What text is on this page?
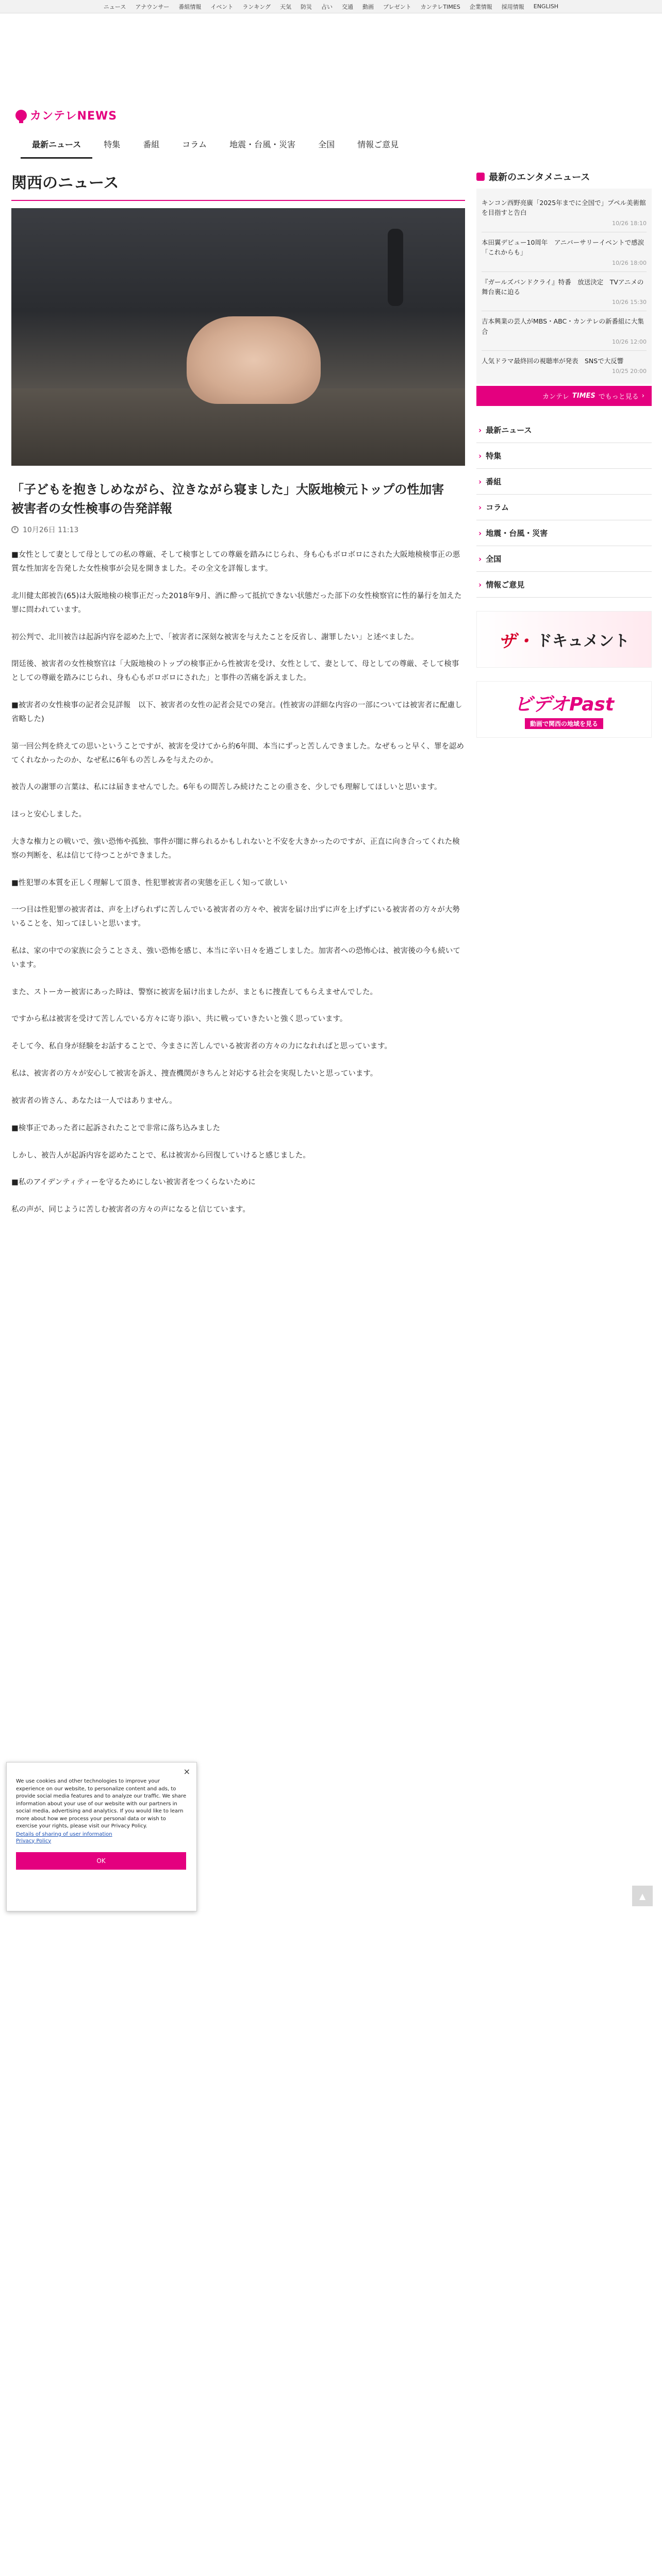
ニュース アナウンサー 番組情報 イベント ランキング 天気 防災 占い 交通 動画 プレゼント カンテレTIMES 企業情報 採用情報 ENGLISH
カンテレNEWS
最新ニュース	特集	番組	コラム	地震・台風・災害	全国	情報ご意見
関西のニュース
「子どもを抱きしめながら、泣きながら寝ました」大阪地検元トップの性加害　被害者の女性検事の告発詳報
10月26日 11:13

■女性として妻として母としての私の尊厳、そして検事としての尊厳を踏みにじられ、身も心もボロボロにされた大阪地検検事正の悪質な性加害を告発した女性検事が会見を開きました。その全文を詳報します。

北川健太郎被告(65)は大阪地検の検事正だった2018年9月、酒に酔って抵抗できない状態だった部下の女性検察官に性的暴行を加えた罪に問われています。

初公判で、北川被告は起訴内容を認めた上で、「被害者に深刻な被害を与えたことを反省し、謝罪したい」と述べました。

閉廷後、被害者の女性検察官は「大阪地検のトップの検事正から性被害を受け、女性として、妻として、母としての尊厳、そして検事としての尊厳を踏みにじられ、身も心もボロボロにされた」と事件の苦痛を訴えました。

■被害者の女性検事の記者会見詳報　以下、被害者の女性の記者会見での発言。(性被害の詳細な内容の一部については被害者に配慮し省略した)

第一回公判を終えての思いということですが、被害を受けてから約6年間、本当にずっと苦しんできました。なぜもっと早く、罪を認めてくれなかったのか、なぜ私に6年もの苦しみを与えたのか。

被告人の謝罪の言葉は、私には届きませんでした。6年もの間苦しみ続けたことの重さを、少しでも理解してほしいと思います。

ほっと安心しました。

大きな権力との戦いで、強い恐怖や孤独、事件が闇に葬られるかもしれないと不安を大きかったのですが、正直に向き合ってくれた検察の判断を、私は信じて待つことができました。

■性犯罪の本質を正しく理解して頂き、性犯罪被害者の実態を正しく知って欲しい

一つ目は性犯罪の被害者は、声を上げられずに苦しんでいる被害者の方々や、被害を届け出ずに声を上げずにいる被害者の方々が大勢いることを、知ってほしいと思います。

私は、家の中での家族に会うことさえ、強い恐怖を感じ、本当に辛い日々を過ごしました。加害者への恐怖心は、被害後の今も続いています。

また、ストーカー被害にあった時は、警察に被害を届け出ましたが、まともに捜査してもらえませんでした。

ですから私は被害を受けて苦しんでいる方々に寄り添い、共に戦っていきたいと強く思っています。

そして今、私自身が経験をお話することで、今まさに苦しんでいる被害者の方々の力になれればと思っています。

私は、被害者の方々が安心して被害を訴え、捜査機関がきちんと対応する社会を実現したいと思っています。

被害者の皆さん、あなたは一人ではありません。

■検事正であった者に起訴されたことで非常に落ち込みました

しかし、被告人が起訴内容を認めたことで、私は被害から回復していけると感じました。

■私のアイデンティティーを守るためにしない被害者をつくらないために

私の声が、同じように苦しむ被害者の方々の声になると信じています。

最新のエンタメニュース
キンコン西野亮廣「2025年までに全国で」プペル美術館を目指すと告白
10/26 18:10
本田翼デビュー10周年　アニバーサリーイベントで感涙「これからも」
10/26 18:00
『ガールズバンドクライ』特番　放送決定　TVアニメの舞台裏に迫る
10/26 15:30
吉本興業の芸人がMBS・ABC・カンテレの新番組に大集合
10/26 12:00
人気ドラマ最終回の視聴率が発表　SNSで大反響
10/25 20:00
カンテレ TIMES でもっと見る ›
› 最新ニュース
› 特集
› 番組
› コラム
› 地震・台風・災害
› 全国
› 情報ご意見
ザ・ ドキュメント
ビデオPast
動画で関西の地域を見る
×
We use cookies and other technologies to improve your experience on our website, to personalize content and ads, to provide social media features and to analyze our traffic. We share information about your use of our website with our partners in social media, advertising and analytics. If you would like to learn more about how we process your personal data or wish to exercise your rights, please visit our Privacy Policy.
Details of sharing of user information
Privacy Policy
OK
▲
